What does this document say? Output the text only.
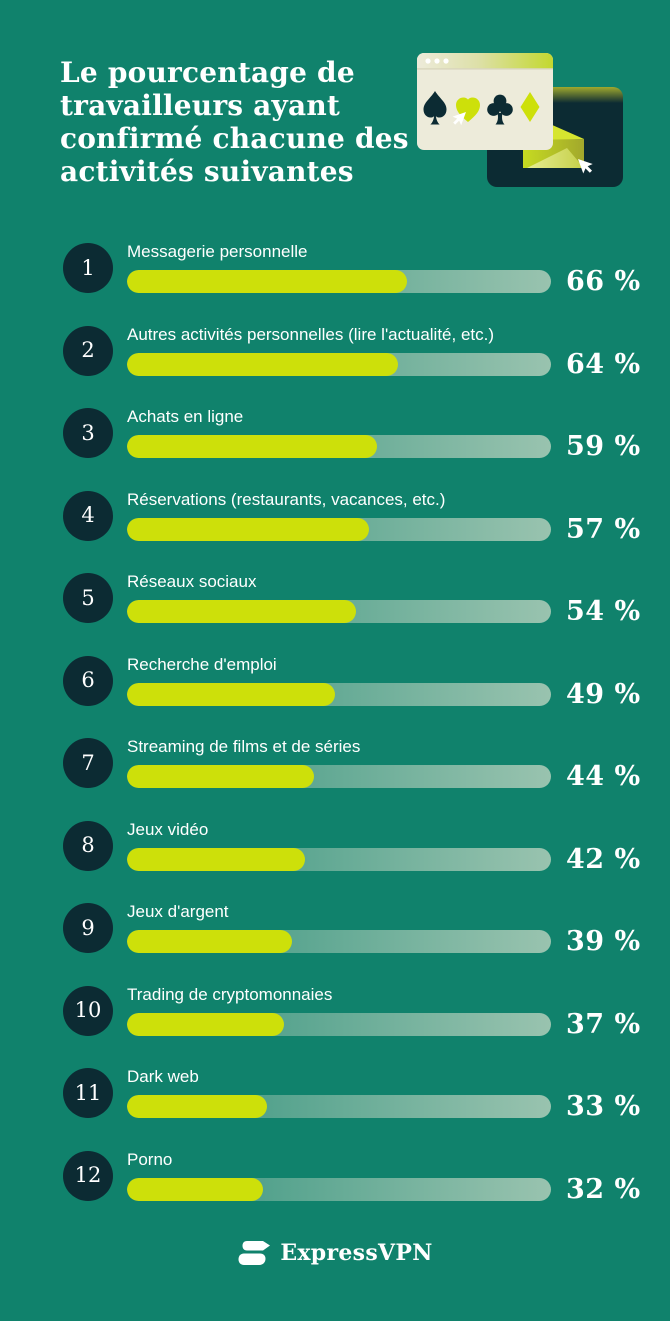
Le pourcentage de
travailleurs ayant
confirmé chacune des
activités suivantes
1
Messagerie personnelle
66 %
2
Autres activités personnelles (lire l'actualité, etc.)
64 %
3
Achats en ligne
59 %
4
Réservations (restaurants, vacances, etc.)
57 %
5
Réseaux sociaux
54 %
6
Recherche d'emploi
49 %
7
Streaming de films et de séries
44 %
8
Jeux vidéo
42 %
9
Jeux d'argent
39 %
10
Trading de cryptomonnaies
37 %
11
Dark web
33 %
12
Porno
32 %
ExpressVPN
